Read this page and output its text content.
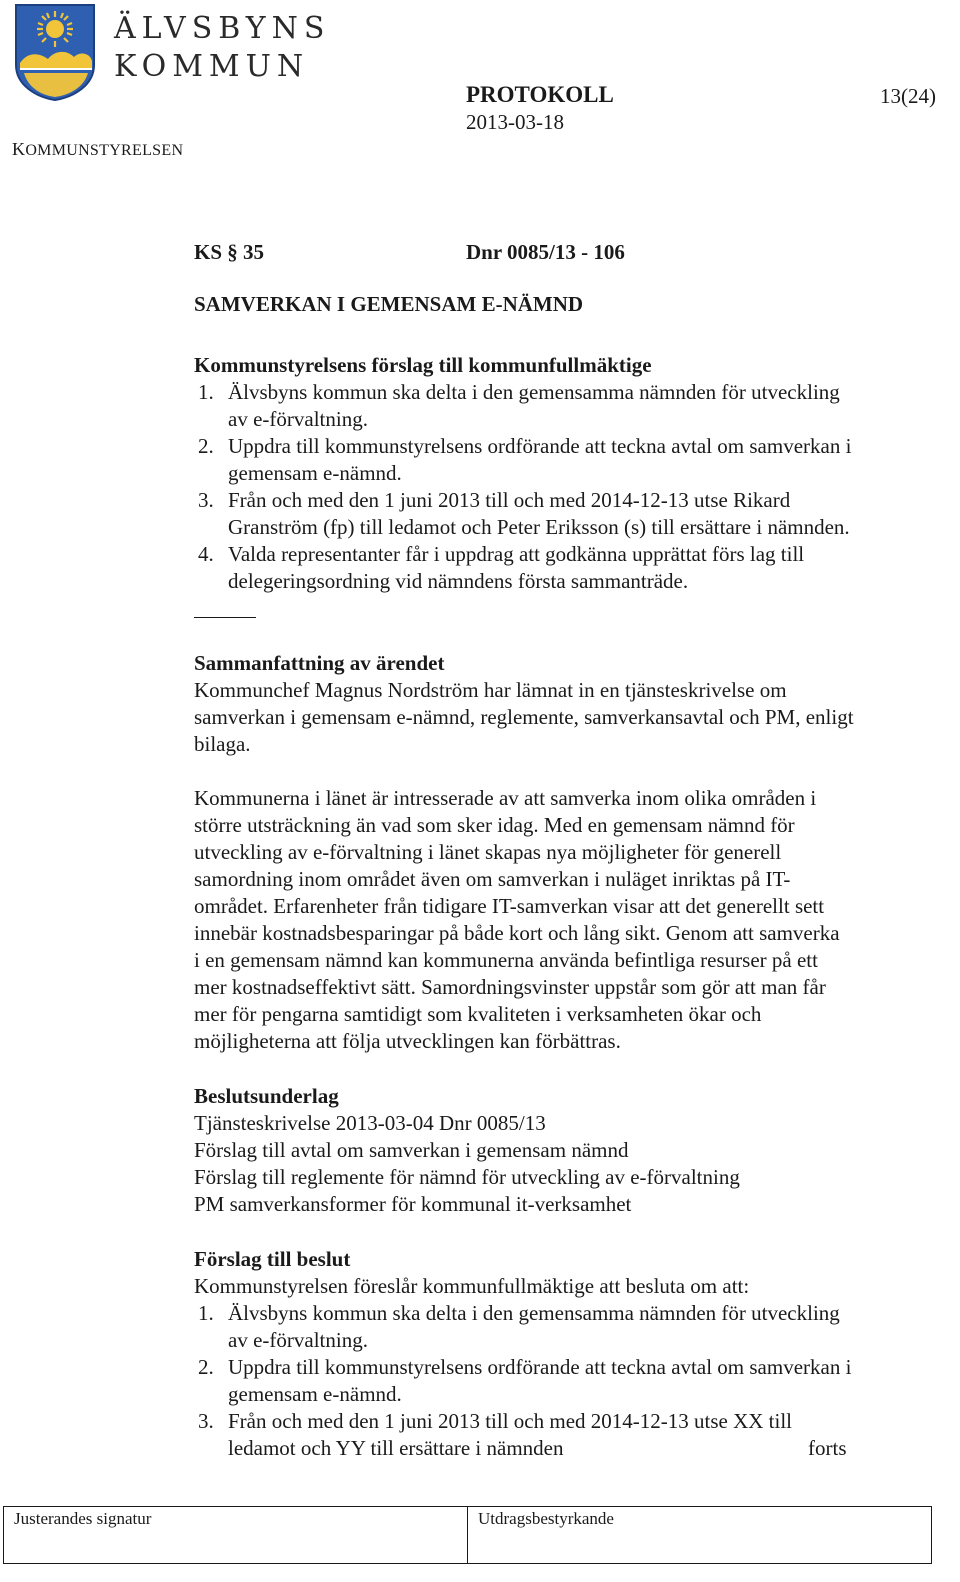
ÄLVSBYNS
KOMMUN
KOMMUNSTYRELSEN
PROTOKOLL
2013-03-18
13(24)
KS § 35	Dnr 0085/13 - 106
SAMVERKAN I GEMENSAM E-NÄMND
Kommunstyrelsens förslag till kommunfullmäktige
1. Älvsbyns kommun ska delta i den gemensamma nämnden för utveckling
av e-förvaltning.
2. Uppdra till kommunstyrelsens ordförande att teckna avtal om samverkan i
gemensam e-nämnd.
3. Från och med den 1 juni 2013 till och med 2014-12-13 utse Rikard
Granström (fp) till ledamot och Peter Eriksson (s) till ersättare i nämnden.
4. Valda representanter får i uppdrag att godkänna upprättat förs lag till
delegeringsordning vid nämndens första sammanträde.
Sammanfattning av ärendet
Kommunchef Magnus Nordström har lämnat in en tjänsteskrivelse om
samverkan i gemensam e-nämnd, reglemente, samverkansavtal och PM, enligt
bilaga.
Kommunerna i länet är intresserade av att samverka inom olika områden i
större utsträckning än vad som sker idag. Med en gemensam nämnd för
utveckling av e-förvaltning i länet skapas nya möjligheter för generell
samordning inom området även om samverkan i nuläget inriktas på IT-
området. Erfarenheter från tidigare IT-samverkan visar att det generellt sett
innebär kostnadsbesparingar på både kort och lång sikt. Genom att samverka
i en gemensam nämnd kan kommunerna använda befintliga resurser på ett
mer kostnadseffektivt sätt. Samordningsvinster uppstår som gör att man får
mer för pengarna samtidigt som kvaliteten i verksamheten ökar och
möjligheterna att följa utvecklingen kan förbättras.
Beslutsunderlag
Tjänsteskrivelse 2013-03-04 Dnr 0085/13
Förslag till avtal om samverkan i gemensam nämnd
Förslag till reglemente för nämnd för utveckling av e-förvaltning
PM samverkansformer för kommunal it-verksamhet
Förslag till beslut
Kommunstyrelsen föreslår kommunfullmäktige att besluta om att:
1. Älvsbyns kommun ska delta i den gemensamma nämnden för utveckling
av e-förvaltning.
2. Uppdra till kommunstyrelsens ordförande att teckna avtal om samverkan i
gemensam e-nämnd.
3. Från och med den 1 juni 2013 till och med 2014-12-13 utse XX till
ledamot och YY till ersättare i nämnden	forts
Justerandes signatur	Utdragsbestyrkande
